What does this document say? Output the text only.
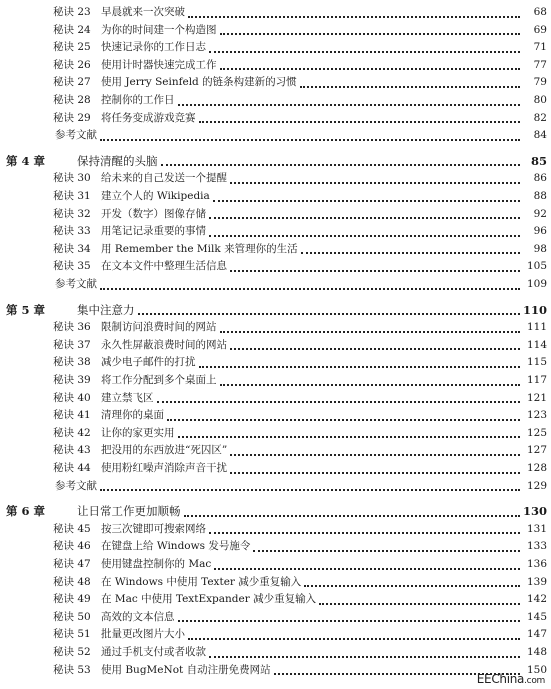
秘诀 23 早晨就来一次突破	68
秘诀 24 为你的时间建一个构造图	69
秘诀 25 快速记录你的工作日志	71
秘诀 26 使用计时器快速完成工作	77
秘诀 27 使用 Jerry Seinfeld 的链条构建新的习惯	79
秘诀 28 控制你的工作日	80
秘诀 29 将任务变成游戏竞赛	82
参考文献	84
第 4 章	保持清醒的头脑	85
秘诀 30 给未来的自己发送一个提醒	86
秘诀 31 建立个人的 Wikipedia	88
秘诀 32 开发（数字）图像存储	92
秘诀 33 用笔记记录重要的事情	96
秘诀 34 用 Remember the Milk 来管理你的生活	98
秘诀 35 在文本文件中整理生活信息	105
参考文献	109
第 5 章	集中注意力	110
秘诀 36 限制访问浪费时间的网站	111
秘诀 37 永久性屏蔽浪费时间的网站	114
秘诀 38 减少电子邮件的打扰	115
秘诀 39 将工作分配到多个桌面上	117
秘诀 40 建立禁飞区	121
秘诀 41 清理你的桌面	123
秘诀 42 让你的家更实用	125
秘诀 43 把没用的东西放进“死囚区”	127
秘诀 44 使用粉红噪声消除声音干扰	128
参考文献	129
第 6 章	让日常工作更加顺畅	130
秘诀 45 按三次键即可搜索网络	131
秘诀 46 在键盘上给 Windows 发号施令	133
秘诀 47 使用键盘控制你的 Mac	136
秘诀 48 在 Windows 中使用 Texter 减少重复输入	139
秘诀 49 在 Mac 中使用 TextExpander 减少重复输入	142
秘诀 50 高效的文本信息	145
秘诀 51 批量更改图片大小	147
秘诀 52 通过手机支付或者收款	148
秘诀 53 使用 BugMeNot 自动注册免费网站	150
EEChina.com
